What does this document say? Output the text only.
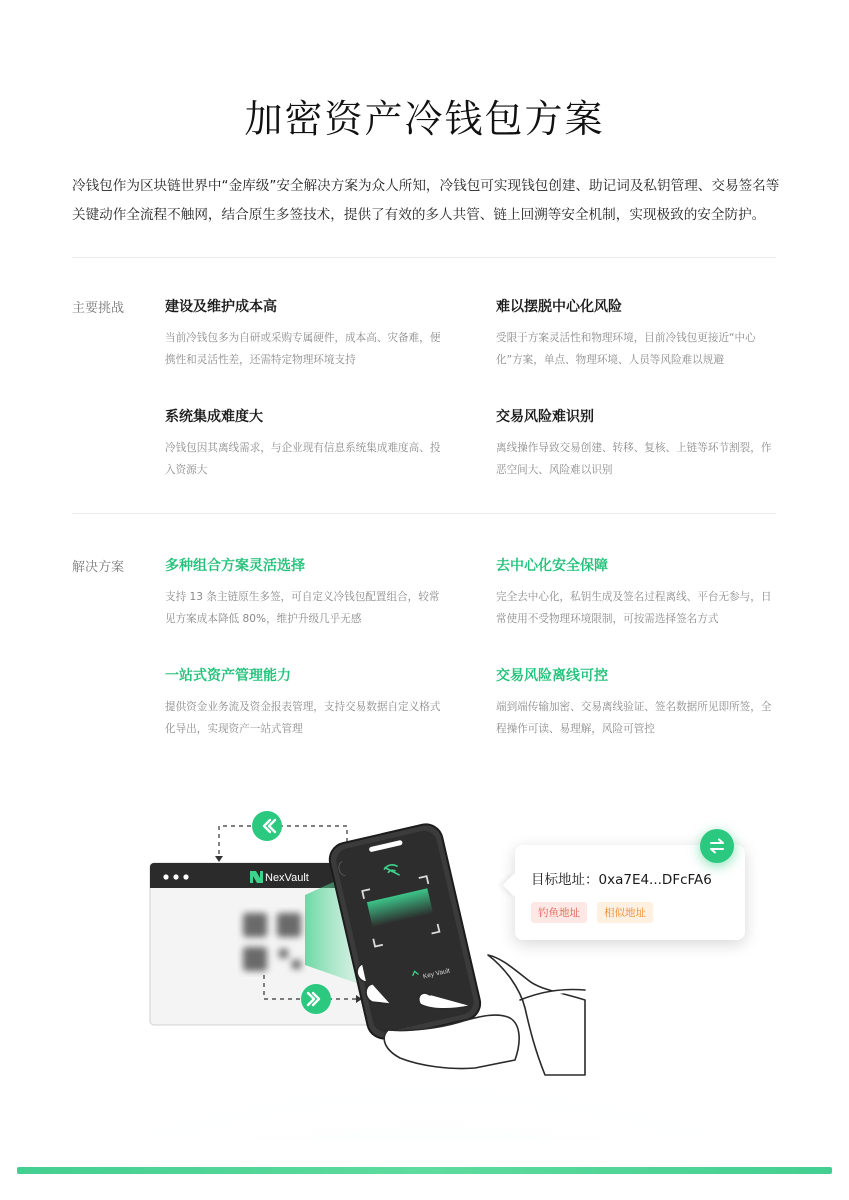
加密资产冷钱包方案
冷钱包作为区块链世界中“金库级”安全解决方案为众人所知，冷钱包可实现钱包创建、助记词及私钥管理、交易签名等关键动作全流程不触网，结合原生多签技术，提供了有效的多人共管、链上回溯等安全机制，实现极致的安全防护。
主要挑战	建设及维护成本高
当前冷钱包多为自研或采购专属硬件，成本高、灾备难，便携性和灵活性差，还需特定物理环境支持
难以摆脱中心化风险
受限于方案灵活性和物理环境，目前冷钱包更接近“中心化”方案，单点、物理环境、人员等风险难以规避
系统集成难度大
冷钱包因其离线需求，与企业现有信息系统集成难度高、投入资源大
交易风险难识别
离线操作导致交易创建、转移、复核、上链等环节割裂，作恶空间大、风险难以识别
解决方案	多种组合方案灵活选择
支持 13 条主链原生多签，可自定义冷钱包配置组合，较常见方案成本降低 80%，维护升级几乎无感
去中心化安全保障
完全去中心化，私钥生成及签名过程离线、平台无参与，日常使用不受物理环境限制，可按需选择签名方式
一站式资产管理能力
提供资金业务流及资金报表管理，支持交易数据自定义格式化导出，实现资产一站式管理
交易风险离线可控
端到端传输加密、交易离线验证、签名数据所见即所签，全程操作可读、易理解，风险可管控
NexVault
Key Vault
目标地址：0xa7E4...DFcFA6
钓鱼地址	相似地址
